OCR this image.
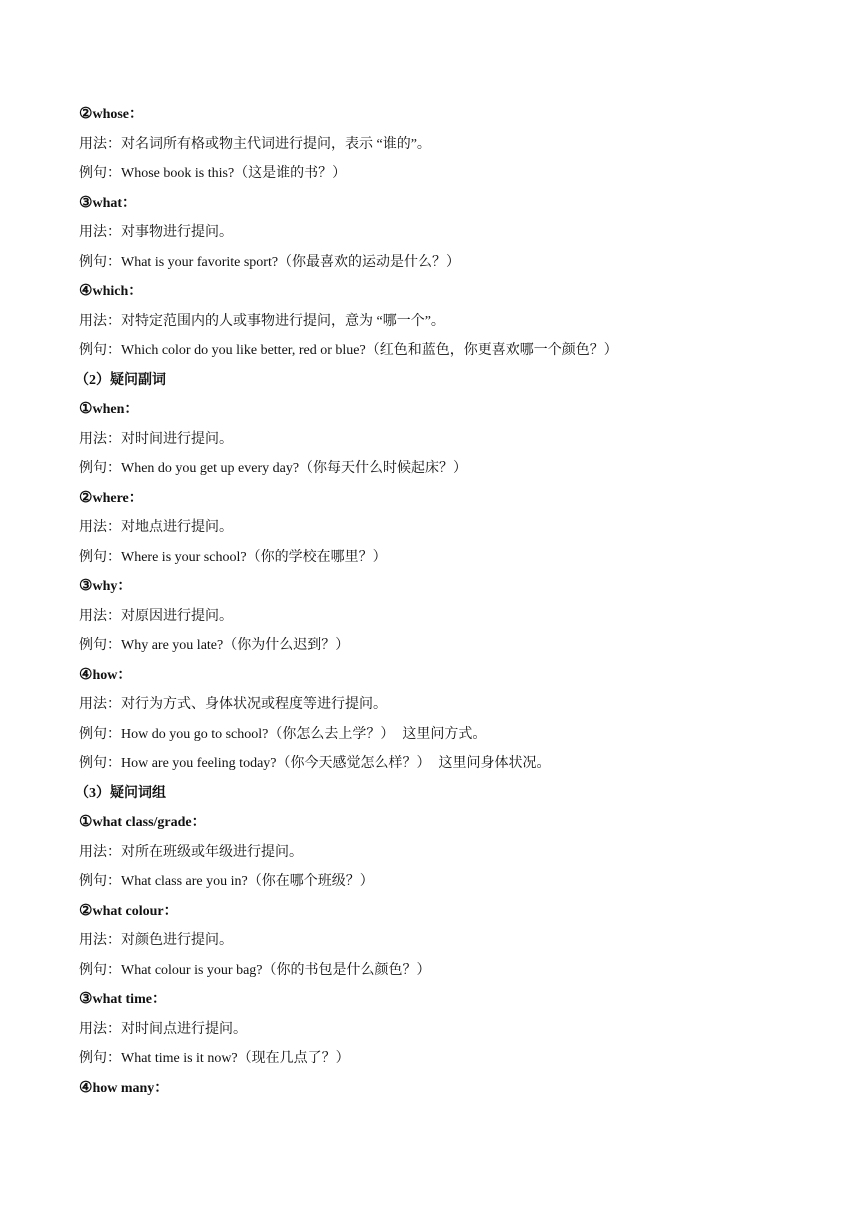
②whose：
用法：对名词所有格或物主代词进行提问，表示 “谁的”。
例句：Whose book is this?（这是谁的书？）
③what：
用法：对事物进行提问。
例句：What is your favorite sport?（你最喜欢的运动是什么？）
④which：
用法：对特定范围内的人或事物进行提问，意为 “哪一个”。
例句：Which color do you like better, red or blue?（红色和蓝色，你更喜欢哪一个颜色？）
（2）疑问副词
①when：
用法：对时间进行提问。
例句：When do you get up every day?（你每天什么时候起床？）
②where：
用法：对地点进行提问。
例句：Where is your school?（你的学校在哪里？）
③why：
用法：对原因进行提问。
例句：Why are you late?（你为什么迟到？）
④how：
用法：对行为方式、身体状况或程度等进行提问。
例句：How do you go to school?（你怎么去上学？） 这里问方式。
例句：How are you feeling today?（你今天感觉怎么样？） 这里问身体状况。
（3）疑问词组
①what class/grade：
用法：对所在班级或年级进行提问。
例句：What class are you in?（你在哪个班级？）
②what colour：
用法：对颜色进行提问。
例句：What colour is your bag?（你的书包是什么颜色？）
③what time：
用法：对时间点进行提问。
例句：What time is it now?（现在几点了？）
④how many：
